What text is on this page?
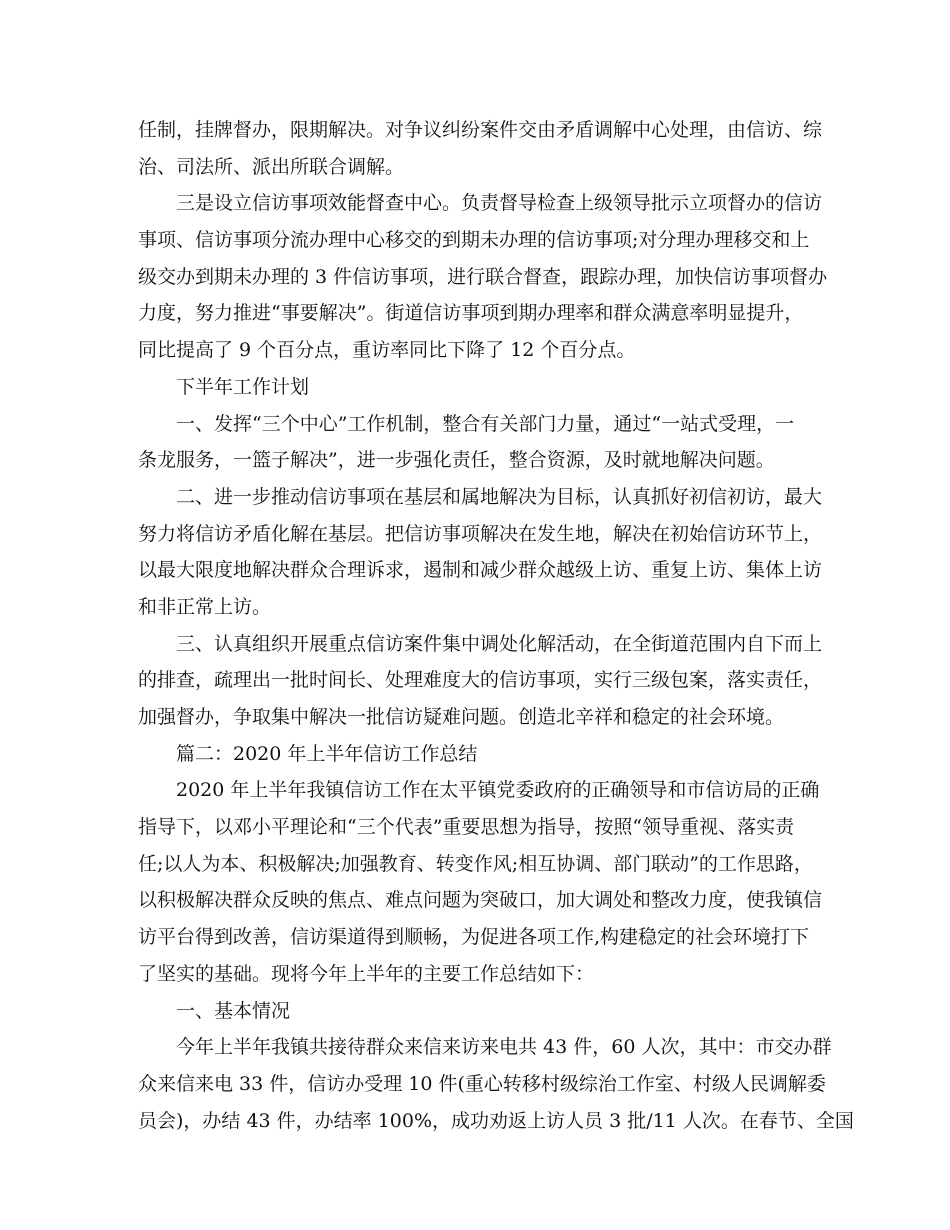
任制，挂牌督办，限期解决。对争议纠纷案件交由矛盾调解中心处理，由信访、综
治、司法所、派出所联合调解。
三是设立信访事项效能督查中心。负责督导检查上级领导批示立项督办的信访
事项、信访事项分流办理中心移交的到期未办理的信访事项;对分理办理移交和上
级交办到期未办理的 3 件信访事项，进行联合督查，跟踪办理，加快信访事项督办
力度，努力推进“事要解决”。街道信访事项到期办理率和群众满意率明显提升，
同比提高了 9 个百分点，重访率同比下降了 12 个百分点。
下半年工作计划
一、发挥“三个中心”工作机制，整合有关部门力量，通过“一站式受理，一
条龙服务，一篮子解决”，进一步强化责任，整合资源，及时就地解决问题。
二、进一步推动信访事项在基层和属地解决为目标，认真抓好初信初访，最大
努力将信访矛盾化解在基层。把信访事项解决在发生地，解决在初始信访环节上，
以最大限度地解决群众合理诉求，遏制和减少群众越级上访、重复上访、集体上访
和非正常上访。
三、认真组织开展重点信访案件集中调处化解活动，在全街道范围内自下而上
的排查，疏理出一批时间长、处理难度大的信访事项，实行三级包案，落实责任，
加强督办，争取集中解决一批信访疑难问题。创造北辛祥和稳定的社会环境。
篇二：2020 年上半年信访工作总结
2020 年上半年我镇信访工作在太平镇党委政府的正确领导和市信访局的正确
指导下，以邓小平理论和“三个代表”重要思想为指导，按照“领导重视、落实责
任;以人为本、积极解决;加强教育、转变作风;相互协调、部门联动”的工作思路，
以积极解决群众反映的焦点、难点问题为突破口，加大调处和整改力度，使我镇信
访平台得到改善，信访渠道得到顺畅，为促进各项工作,构建稳定的社会环境打下
了坚实的基础。现将今年上半年的主要工作总结如下：
一、基本情况
今年上半年我镇共接待群众来信来访来电共 43 件，60 人次，其中：市交办群
众来信来电 33 件，信访办受理 10 件(重心转移村级综治工作室、村级人民调解委
员会)，办结 43 件，办结率 100%，成功劝返上访人员 3 批/11 人次。在春节、全国
